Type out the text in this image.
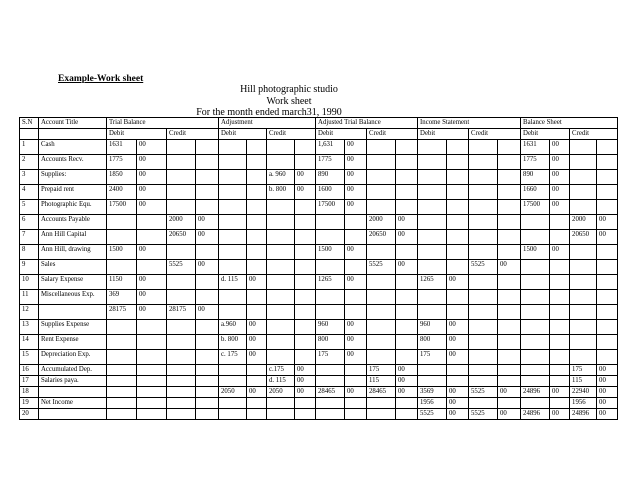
Example-Work sheet
Hill photographic studio
Work sheet
For the month ended march31, 1990
S.N	Account Title	Trial Balance				Adjustment				Adjusted Trial Balance				Income Statement				Balance Sheet			
		Debit		Credit		Debit		Credit		Debit		Credit		Debit		Credit		Debit		Credit	
1	Cash	1631	00							1,631	00							1631	00		
2	Accounts Recv.	1775	00							1775	00							1775	00		
3	Supplies:	1850	00					a. 960	00	890	00							890	00		
4	Prepaid rent	2400	00					b. 800	00	1600	00							1660	00		
5	Photographic Equ.	17500	00							17500	00							17500	00		
6	Accounts Payable			2000	00							2000	00							2000	00
7	Ann Hill Capital			20650	00							20650	00							20650	00
8	Ann Hill, drawing	1500	00							1500	00							1500	00		
9	Sales			5525	00							5525	00			5525	00				
10	Salary Expense	1150	00			d. 115	00			1265	00			1265	00						
11	Miscellaneous Exp.	369	00																		
12		28175	00	28175	00																
13	Supplies Expense					a.960	00			960	00			960	00						
14	Rent Expense					b. 800	00			800	00			800	00						
15	Depreciation Exp.					c. 175	00			175	00			175	00						
16	Accumulated Dep.							c.175	00			175	00							175	00
17	Salaries paya.							d. 115	00			115	00							115	00
18						2050	00	2050	00	28465	00	28465	00	3569	00	5525	00	24896	00	22940	00
19	Net Income													1956	00					1956	00
20														5525	00	5525	00	24896	00	24896	00
